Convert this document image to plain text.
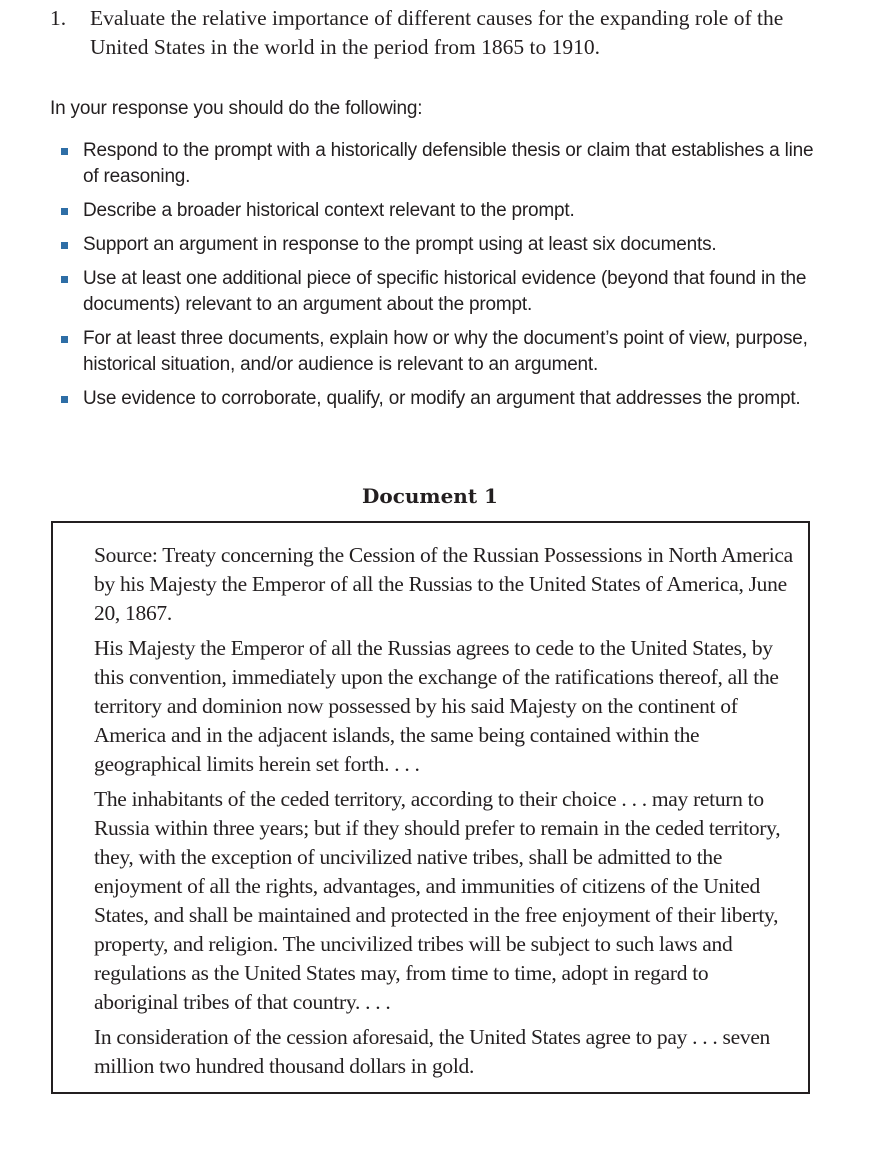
1. Evaluate the relative importance of different causes for the expanding role of the United States in the world in the period from 1865 to 1910.

In your response you should do the following:

Respond to the prompt with a historically defensible thesis or claim that establishes a line of reasoning.
Describe a broader historical context relevant to the prompt.
Support an argument in response to the prompt using at least six documents.
Use at least one additional piece of specific historical evidence (beyond that found in the documents) relevant to an argument about the prompt.
For at least three documents, explain how or why the document’s point of view, purpose, historical situation, and/or audience is relevant to an argument.
Use evidence to corroborate, qualify, or modify an argument that addresses the prompt.
Document 1

Source: Treaty concerning the Cession of the Russian Possessions in North America by his Majesty the Emperor of all the Russias to the United States of America, June 20, 1867.

His Majesty the Emperor of all the Russias agrees to cede to the United States, by this convention, immediately upon the exchange of the ratifications thereof, all the territory and dominion now possessed by his said Majesty on the continent of America and in the adjacent islands, the same being contained within the geographical limits herein set forth. . . .

The inhabitants of the ceded territory, according to their choice . . . may return to Russia within three years; but if they should prefer to remain in the ceded territory, they, with the exception of uncivilized native tribes, shall be admitted to the enjoyment of all the rights, advantages, and immunities of citizens of the United States, and shall be maintained and protected in the free enjoyment of their liberty, property, and religion. The uncivilized tribes will be subject to such laws and regulations as the United States may, from time to time, adopt in regard to aboriginal tribes of that country. . . .

In consideration of the cession aforesaid, the United States agree to pay . . . seven million two hundred thousand dollars in gold.
